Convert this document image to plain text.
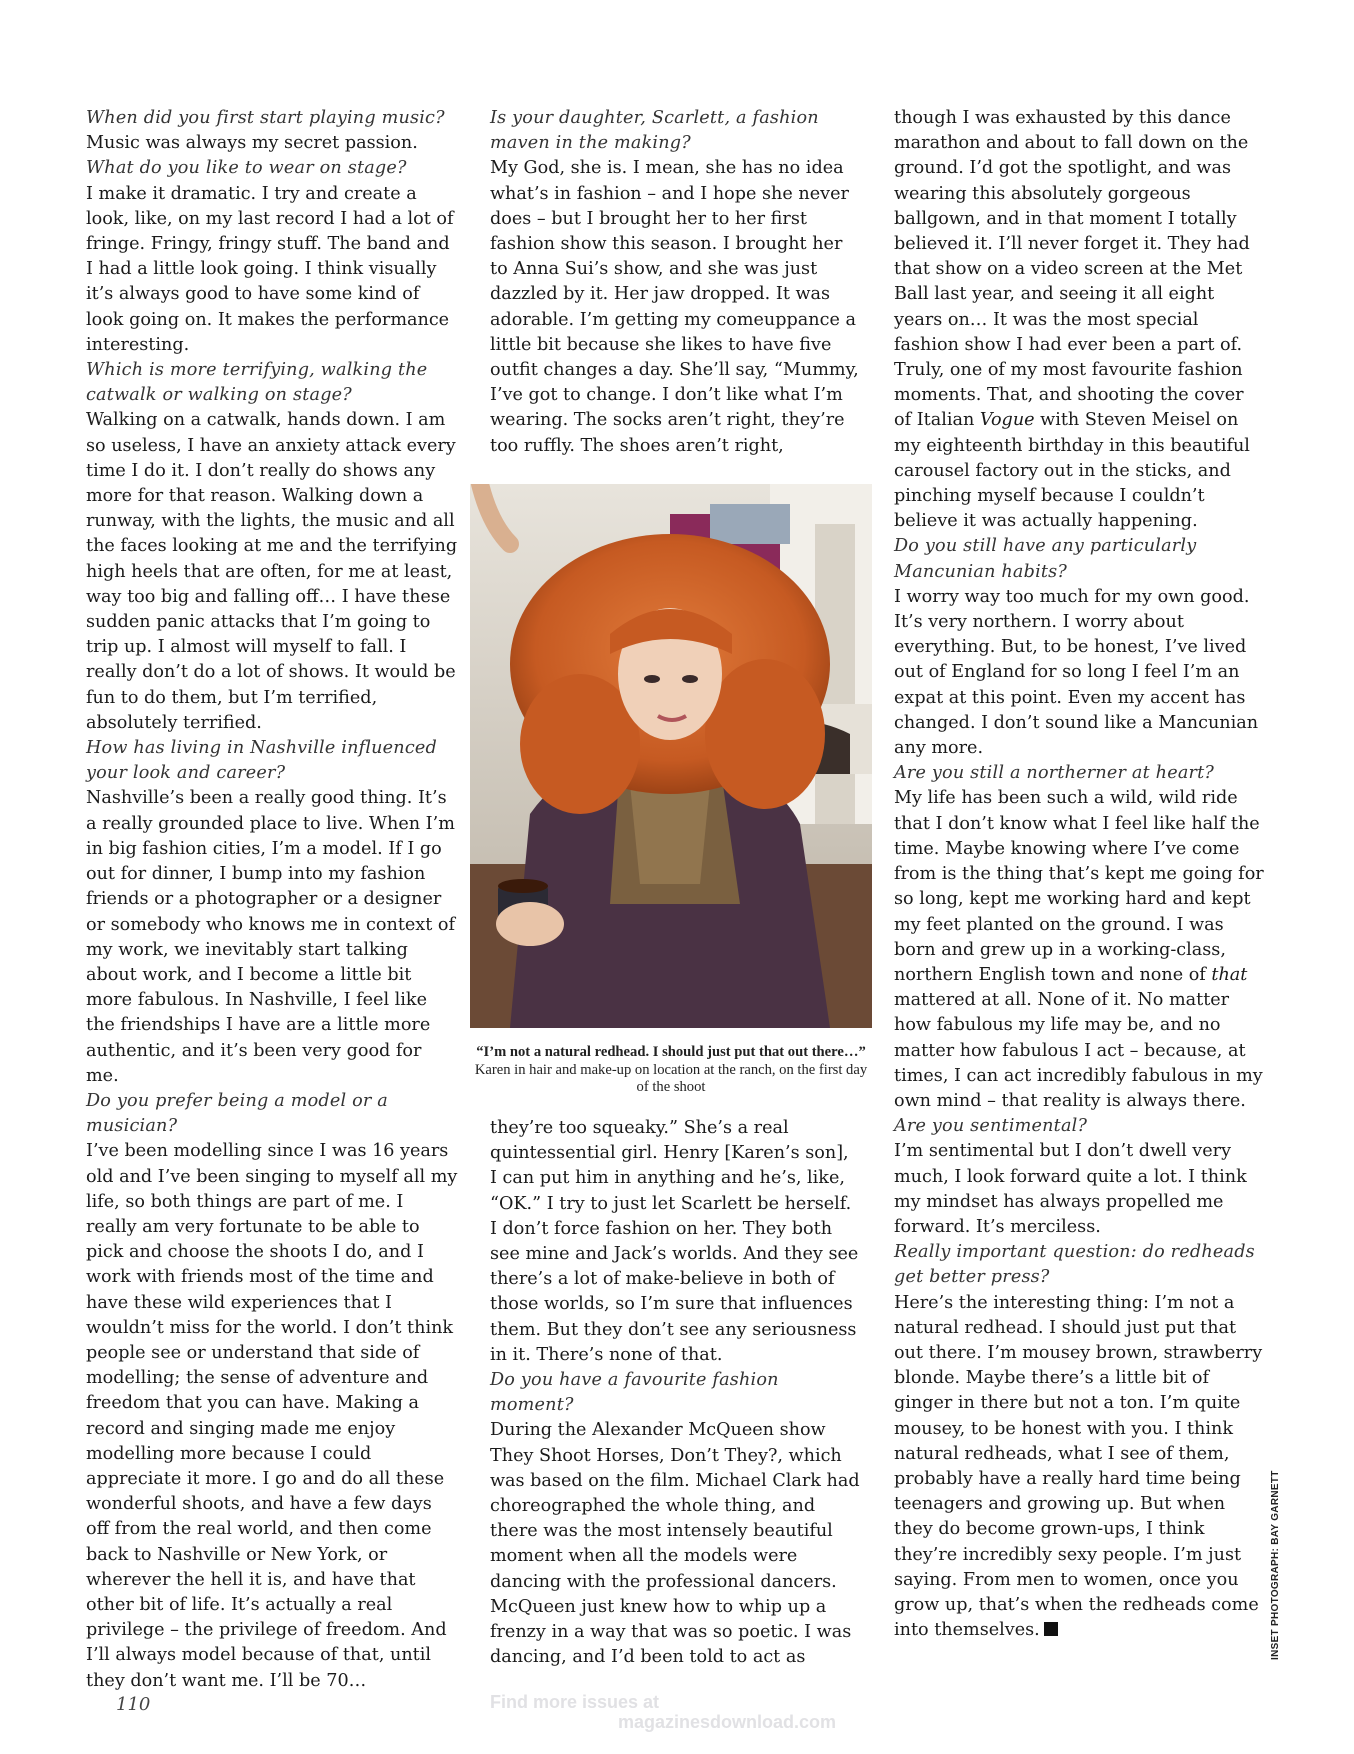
When did you first start playing music?

Music was always my secret passion.

What do you like to wear on stage?

I make it dramatic. I try and create a look, like, on my last record I had a lot of fringe. Fringy, fringy stuff. The band and I had a little look going. I think visually it’s always good to have some kind of look going on. It makes the performance interesting.

Which is more terrifying, walking the catwalk or walking on stage?

Walking on a catwalk, hands down. I am so useless, I have an anxiety attack every time I do it. I don’t really do shows any more for that reason. Walking down a runway, with the lights, the music and all the faces looking at me and the terrifying high heels that are often, for me at least, way too big and falling off… I have these sudden panic attacks that I’m going to trip up. I almost will myself to fall. I really don’t do a lot of shows. It would be fun to do them, but I’m terrified, absolutely terrified.

How has living in Nashville influenced your look and career?

Nashville’s been a really good thing. It’s a really grounded place to live. When I’m in big fashion cities, I’m a model. If I go out for dinner, I bump into my fashion friends or a photographer or a designer or somebody who knows me in context of my work, we inevitably start talking about work, and I become a little bit more fabulous. In Nashville, I feel like the friendships I have are a little more authentic, and it’s been very good for me.

Do you prefer being a model or a musician?

I’ve been modelling since I was 16 years old and I’ve been singing to myself all my life, so both things are part of me. I really am very fortunate to be able to pick and choose the shoots I do, and I work with friends most of the time and have these wild experiences that I wouldn’t miss for the world. I don’t think people see or understand that side of modelling; the sense of adventure and freedom that you can have. Making a record and singing made me enjoy modelling more because I could appreciate it more. I go and do all these wonderful shoots, and have a few days off from the real world, and then come back to Nashville or New York, or wherever the hell it is, and have that other bit of life. It’s actually a real privilege – the privilege of freedom. And I’ll always model because of that, until they don’t want me. I’ll be 70…

Is your daughter, Scarlett, a fashion maven in the making?

My God, she is. I mean, she has no idea what’s in fashion – and I hope she never does – but I brought her to her first fashion show this season. I brought her to Anna Sui’s show, and she was just dazzled by it. Her jaw dropped. It was adorable. I’m getting my comeuppance a little bit because she likes to have five outfit changes a day. She’ll say, “Mummy, I’ve got to change. I don’t like what I’m wearing. The socks aren’t right, they’re too ruffly. The shoes aren’t right,

“I’m not a natural redhead. I should just put that out there…” Karen in hair and make-up on location at the ranch, on the first day of the shoot

they’re too squeaky.” She’s a real quintessential girl. Henry [Karen’s son], I can put him in anything and he’s, like, “OK.” I try to just let Scarlett be herself. I don’t force fashion on her. They both see mine and Jack’s worlds. And they see there’s a lot of make-believe in both of those worlds, so I’m sure that influences them. But they don’t see any seriousness in it. There’s none of that.

Do you have a favourite fashion moment?

During the Alexander McQueen show They Shoot Horses, Don’t They?, which was based on the film. Michael Clark had choreographed the whole thing, and there was the most intensely beautiful moment when all the models were dancing with the professional dancers. McQueen just knew how to whip up a frenzy in a way that was so poetic. I was dancing, and I’d been told to act as

though I was exhausted by this dance marathon and about to fall down on the ground. I’d got the spotlight, and was wearing this absolutely gorgeous ballgown, and in that moment I totally believed it. I’ll never forget it. They had that show on a video screen at the Met Ball last year, and seeing it all eight years on… It was the most special fashion show I had ever been a part of. Truly, one of my most favourite fashion moments. That, and shooting the cover of Italian Vogue with Steven Meisel on my eighteenth birthday in this beautiful carousel factory out in the sticks, and pinching myself because I couldn’t believe it was actually happening.

Do you still have any particularly Mancunian habits?

I worry way too much for my own good. It’s very northern. I worry about everything. But, to be honest, I’ve lived out of England for so long I feel I’m an expat at this point. Even my accent has changed. I don’t sound like a Mancunian any more.

Are you still a northerner at heart?

My life has been such a wild, wild ride that I don’t know what I feel like half the time. Maybe knowing where I’ve come from is the thing that’s kept me going for so long, kept me working hard and kept my feet planted on the ground. I was born and grew up in a working-class, northern English town and none of that mattered at all. None of it. No matter how fabulous my life may be, and no matter how fabulous I act – because, at times, I can act incredibly fabulous in my own mind – that reality is always there.

Are you sentimental?

I’m sentimental but I don’t dwell very much, I look forward quite a lot. I think my mindset has always propelled me forward. It’s merciless.

Really important question: do redheads get better press?

Here’s the interesting thing: I’m not a natural redhead. I should just put that out there. I’m mousey brown, strawberry blonde. Maybe there’s a little bit of ginger in there but not a ton. I’m quite mousey, to be honest with you. I think natural redheads, what I see of them, probably have a really hard time being teenagers and growing up. But when they do become grown-ups, I think they’re incredibly sexy people. I’m just saying. From men to women, once you grow up, that’s when the redheads come into themselves.	INSET PHOTOGRAPH: BAY GARNETT
110	Find more issues at
magazinesdownload.com
